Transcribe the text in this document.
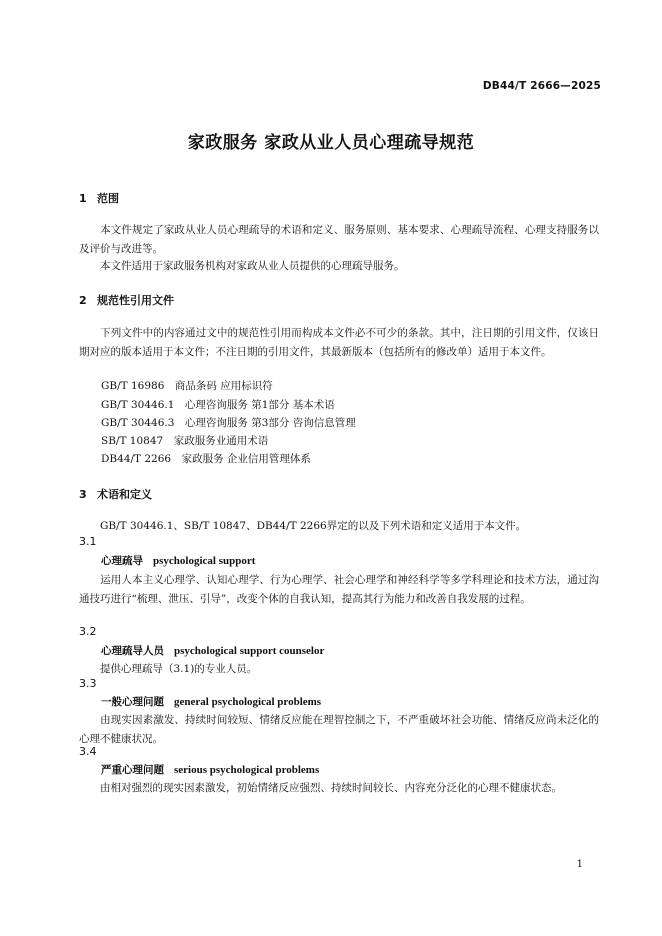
DB44/T 2666—2025
家政服务 家政从业人员心理疏导规范
1 范围
本文件规定了家政从业人员心理疏导的术语和定义、服务原则、基本要求、心理疏导流程、心理支持服务以及评价与改进等。
本文件适用于家政服务机构对家政从业人员提供的心理疏导服务。
2 规范性引用文件
下列文件中的内容通过文中的规范性引用而构成本文件必不可少的条款。其中，注日期的引用文件，仅该日期对应的版本适用于本文件；不注日期的引用文件，其最新版本（包括所有的修改单）适用于本文件。
GB/T 16986　商品条码 应用标识符
GB/T 30446.1　心理咨询服务 第1部分 基本术语
GB/T 30446.3　心理咨询服务 第3部分 咨询信息管理
SB/T 10847　家政服务业通用术语
DB44/T 2266　家政服务 企业信用管理体系
3 术语和定义
GB/T 30446.1、SB/T 10847、DB44/T 2266界定的以及下列术语和定义适用于本文件。
3.1
心理疏导 psychological support
运用人本主义心理学、认知心理学、行为心理学、社会心理学和神经科学等多学科理论和技术方法，通过沟通技巧进行“梳理、泄压、引导”，改变个体的自我认知，提高其行为能力和改善自我发展的过程。
3.2
心理疏导人员 psychological support counselor
提供心理疏导（3.1)的专业人员。
3.3
一般心理问题 general psychological problems
由现实因素激发、持续时间较短、情绪反应能在理智控制之下，不严重破坏社会功能、情绪反应尚未泛化的心理不健康状况。
3.4
严重心理问题 serious psychological problems
由相对强烈的现实因素激发，初始情绪反应强烈、持续时间较长、内容充分泛化的心理不健康状态。
1
